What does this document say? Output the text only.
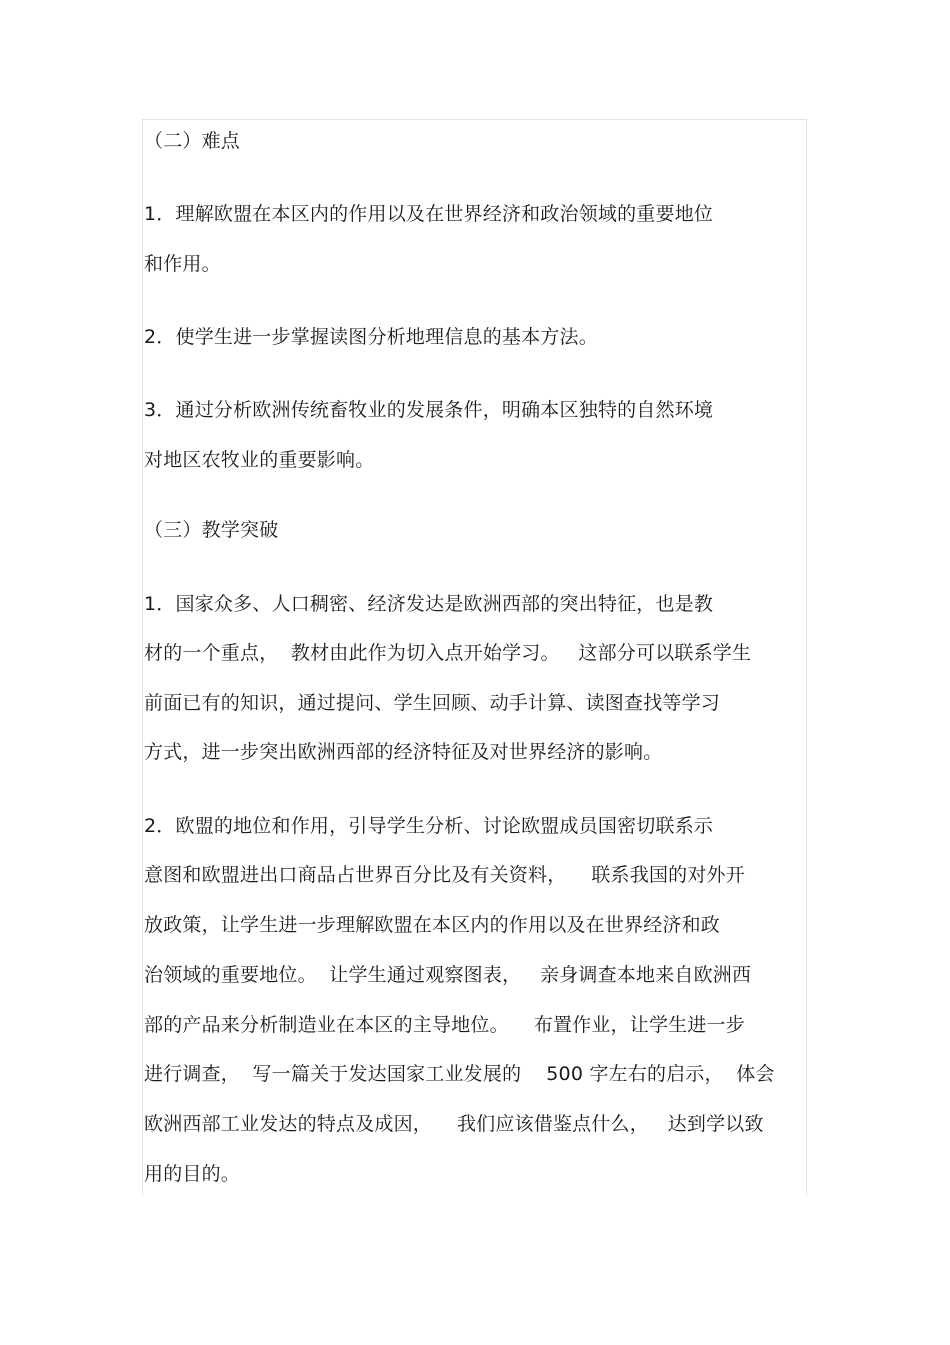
（二）难点
1．理解欧盟在本区内的作用以及在世界经济和政治领域的重要地位
和作用。
2．使学生进一步掌握读图分析地理信息的基本方法。
3．通过分析欧洲传统畜牧业的发展条件，明确本区独特的自然环境
对地区农牧业的重要影响。
（三）教学突破
1．国家众多、人口稠密、经济发达是欧洲西部的突出特征，也是教
材的一个重点，  教材由此作为切入点开始学习。   这部分可以联系学生
前面已有的知识，通过提问、学生回顾、动手计算、读图查找等学习
方式，进一步突出欧洲西部的经济特征及对世界经济的影响。
2．欧盟的地位和作用，引导学生分析、讨论欧盟成员国密切联系示
意图和欧盟进出口商品占世界百分比及有关资料，    联系我国的对外开
放政策，让学生进一步理解欧盟在本区内的作用以及在世界经济和政
治领域的重要地位。  让学生通过观察图表，   亲身调查本地来自欧洲西
部的产品来分析制造业在本区的主导地位。    布置作业，让学生进一步
进行调查，  写一篇关于发达国家工业发展的    500 字左右的启示，  体会
欧洲西部工业发达的特点及成因，    我们应该借鉴点什么，   达到学以致
用的目的。
